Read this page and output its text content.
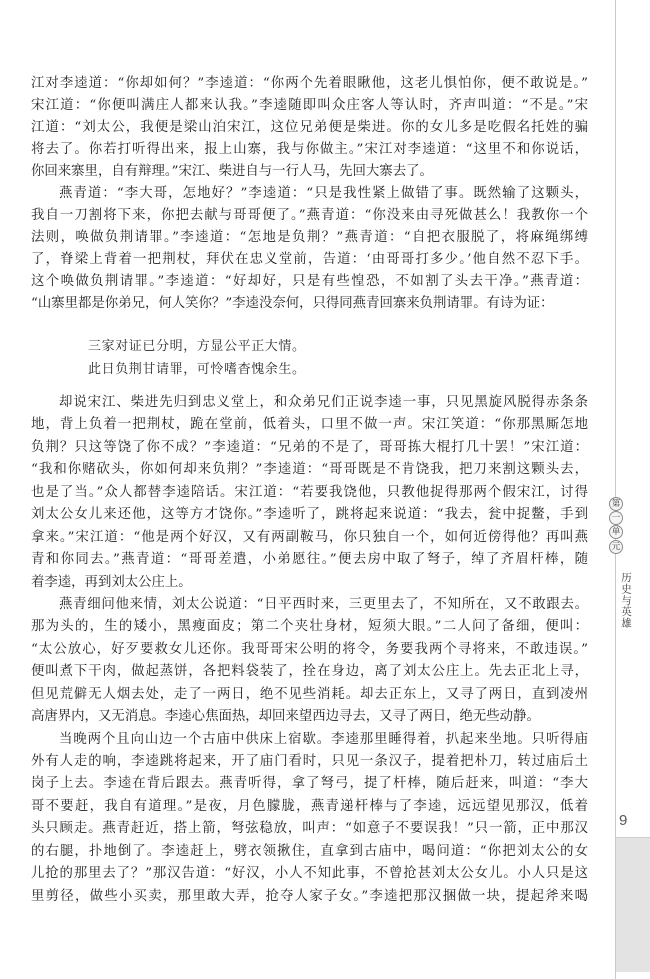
江对李逵道：“你却如何？”李逵道：“你两个先着眼瞅他，这老儿惧怕你，便不敢说是。”
宋江道：“你便叫满庄人都来认我。”李逵随即叫众庄客人等认时，齐声叫道：“不是。”宋
江道：“刘太公，我便是梁山泊宋江，这位兄弟便是柴进。你的女儿多是吃假名托姓的骗
将去了。你若打听得出来，报上山寨，我与你做主。”宋江对李逵道：“这里不和你说话，
你回来寨里，自有辩理。”宋江、柴进自与一行人马，先回大寨去了。
燕青道：“李大哥，怎地好？”李逵道：“只是我性紧上做错了事。既然输了这颗头，
我自一刀割将下来，你把去献与哥哥便了。”燕青道：“你没来由寻死做甚么！我教你一个
法则，唤做负荆请罪。”李逵道：“怎地是负荆？”燕青道：“自把衣服脱了，将麻绳绑缚
了，脊梁上背着一把荆杖，拜伏在忠义堂前，告道：‘由哥哥打多少。’他自然不忍下手。
这个唤做负荆请罪。”李逵道：“好却好，只是有些惶恐，不如割了头去干净。”燕青道：
“山寨里都是你弟兄，何人笑你？”李逵没奈何，只得同燕青回寨来负荆请罪。有诗为证：
三家对证已分明，方显公平正大情。
此日负荆甘请罪，可怜嗜杳愧余生。
却说宋江、柴进先归到忠义堂上，和众弟兄们正说李逵一事，只见黑旋风脱得赤条条
地，背上负着一把荆杖，跪在堂前，低着头，口里不做一声。宋江笑道：“你那黑厮怎地
负荆？只这等饶了你不成？”李逵道：“兄弟的不是了，哥哥拣大棍打几十罢！”宋江道：
“我和你赌砍头，你如何却来负荆？”李逵道：“哥哥既是不肯饶我，把刀来割这颗头去，
也是了当。”众人都替李逵陪话。宋江道：“若要我饶他，只教他捉得那两个假宋江，讨得
刘太公女儿来还他，这等方才饶你。”李逵听了，跳将起来说道：“我去，瓮中捉鳖，手到
拿来。”宋江道：“他是两个好汉，又有两副鞍马，你只独自一个，如何近傍得他？再叫燕
青和你同去。”燕青道：“哥哥差遣，小弟愿往。”便去房中取了弩子，绰了齐眉杆棒，随
着李逵，再到刘太公庄上。
燕青细问他来情，刘太公说道：“日平西时来，三更里去了，不知所在，又不敢跟去。
那为头的，生的矮小，黑瘦面皮；第二个夹壮身材，短须大眼。”二人问了备细，便叫：
“太公放心，好歹要救女儿还你。我哥哥宋公明的将令，务要我两个寻将来，不敢违误。”
便叫煮下干肉，做起蒸饼，各把料袋装了，拴在身边，离了刘太公庄上。先去正北上寻，
但见荒僻无人烟去处，走了一两日，绝不见些消耗。却去正东上，又寻了两日，直到凌州
高唐界内，又无消息。李逵心焦面热，却回来望西边寻去，又寻了两日，绝无些动静。
当晚两个且向山边一个古庙中供床上宿歇。李逵那里睡得着，扒起来坐地。只听得庙
外有人走的响，李逵跳将起来，开了庙门看时，只见一条汉子，提着把朴刀，转过庙后土
岗子上去。李逵在背后跟去。燕青听得，拿了弩弓，提了杆棒，随后赶来，叫道：“李大
哥不要赶，我自有道理。”是夜，月色朦胧，燕青递杆棒与了李逵，远远望见那汉，低着
头只顾走。燕青赶近，搭上箭，弩弦稳放，叫声：“如意子不要误我！”只一箭，正中那汉
的右腿，扑地倒了。李逵赶上，劈衣领揪住，直拿到古庙中，喝问道：“你把刘太公的女
儿抢的那里去了？”那汉告道：“好汉，小人不知此事，不曾抢甚刘太公女儿。小人只是这
里剪径，做些小买卖，那里敢大弄，抢夺人家子女。”李逵把那汉捆做一块，提起斧来喝
第
一
单
元
历史与英雄
9
